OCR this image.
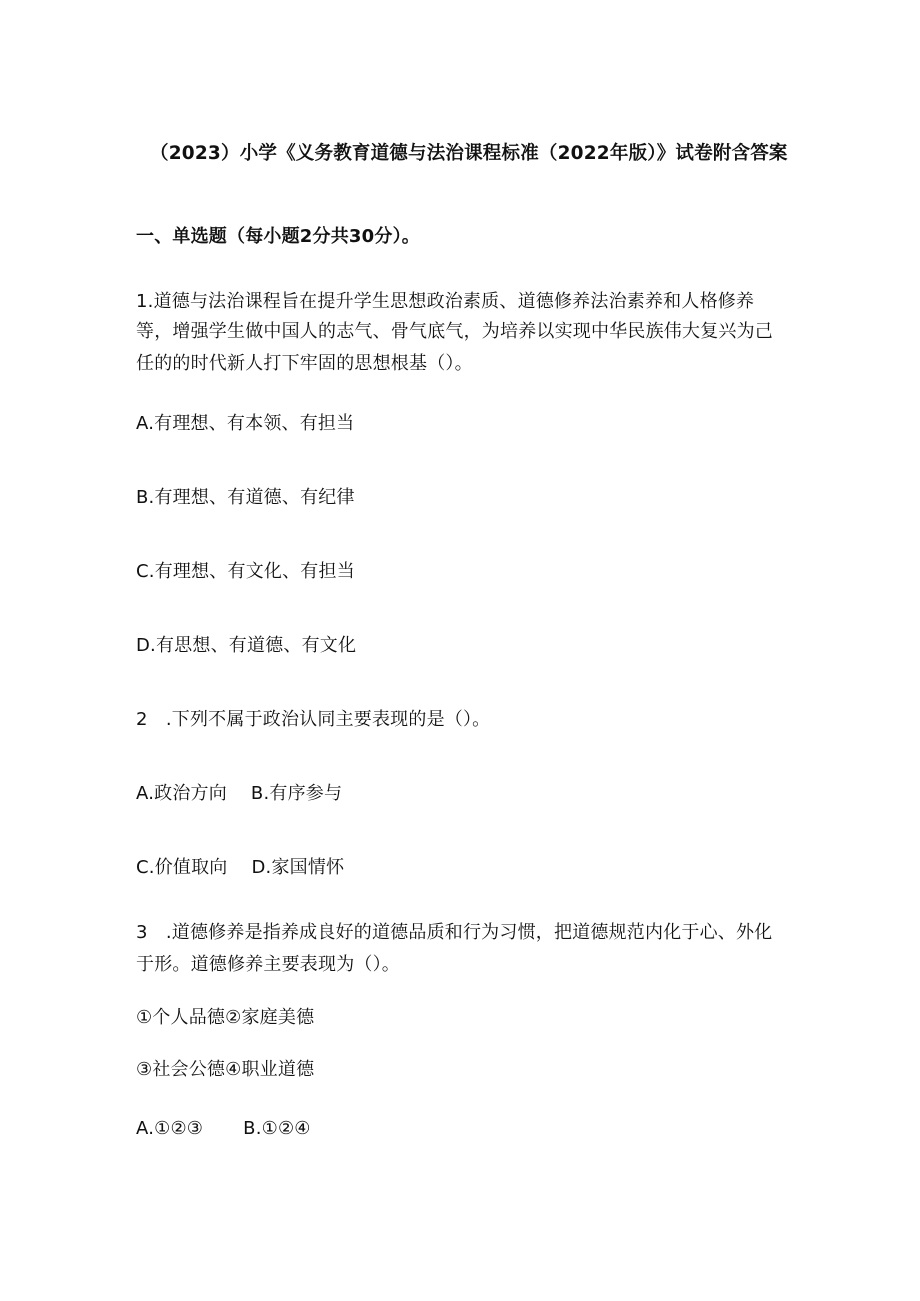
（2023）小学《义务教育道德与法治课程标准（2022年版）》试卷附含答案
一、单选题（每小题2分共30分）。
1.道德与法治课程旨在提升学生思想政治素质、道德修养法治素养和人格修养
等，增强学生做中国人的志气、骨气底气，为培养以实现中华民族伟大复兴为己
任的的时代新人打下牢固的思想根基（）。
A.有理想、有本领、有担当
B.有理想、有道德、有纪律
C.有理想、有文化、有担当
D.有思想、有道德、有文化
2　.下列不属于政治认同主要表现的是（）。
A.政治方向 B.有序参与
C.价值取向 D.家国情怀
3　.道德修养是指养成良好的道德品质和行为习惯，把道德规范内化于心、外化
于形。道德修养主要表现为（）。
①个人品德②家庭美德
③社会公德④职业道德
A.①②③ B.①②④
